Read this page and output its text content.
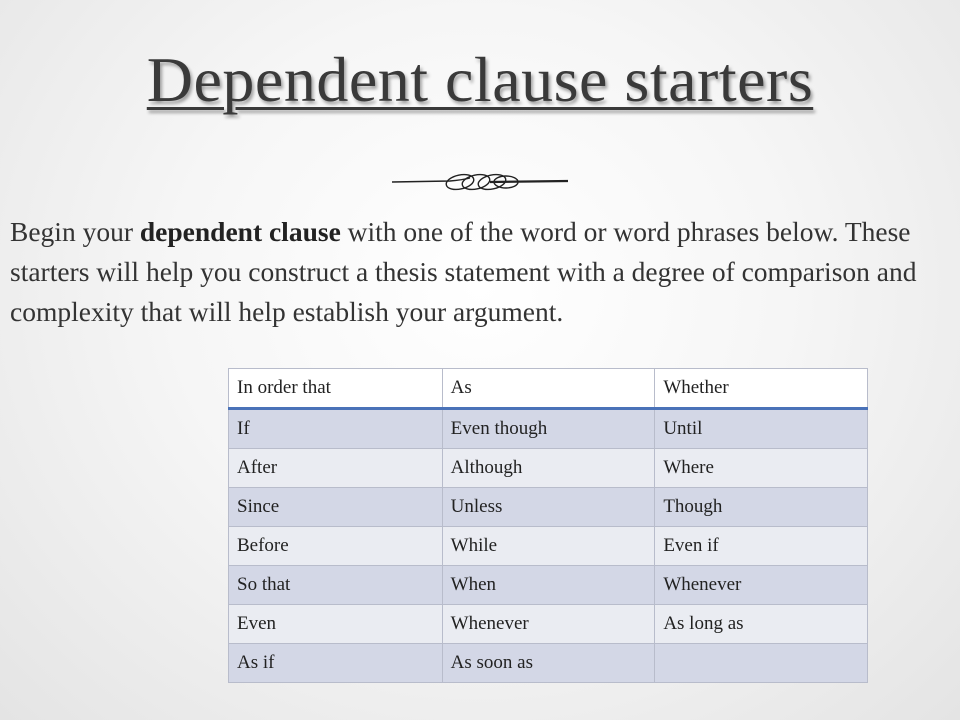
Dependent clause starters
Begin your dependent clause with one of the word or word phrases below. These starters will help you construct a thesis statement with a degree of comparison and complexity that will help establish your argument.
In order that	As	Whether
If	Even though	Until
After	Although	Where
Since	Unless	Though
Before	While	Even if
So that	When	Whenever
Even	Whenever	As long as
As if	As soon as	
